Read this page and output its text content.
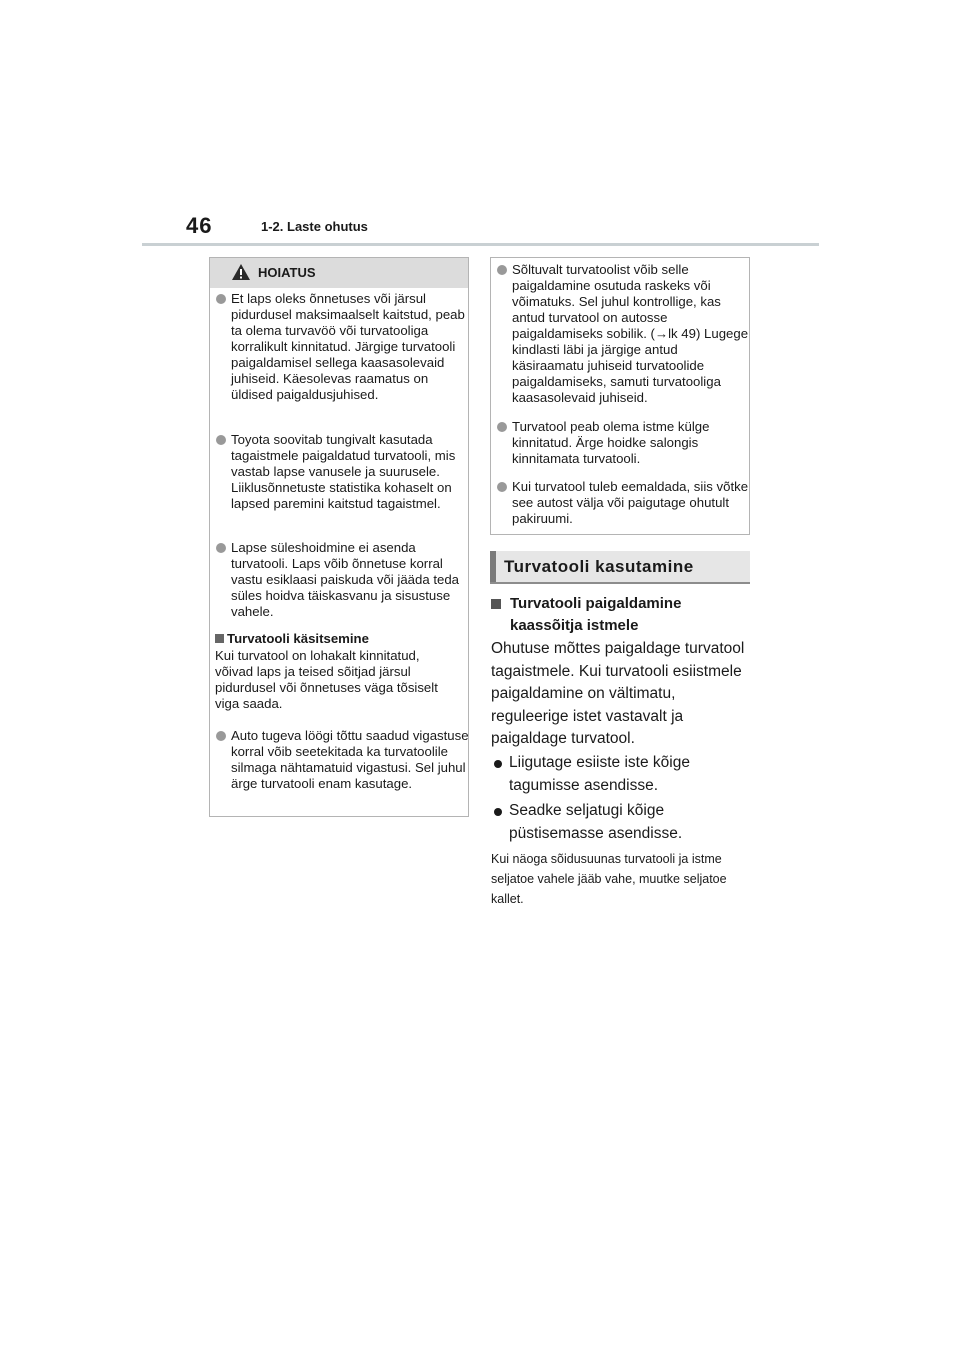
46	1-2. Laste ohutus
HOIATUS
Et laps oleks õnnetuses või järsul pidurdusel maksimaalselt kaitstud, peab ta olema turvavöö või turvatooliga korralikult kinnitatud. Järgige turvatooli paigaldamisel sellega kaasasolevaid juhiseid. Käesolevas raamatus on üldised paigaldusjuhised.
Toyota soovitab tungivalt kasutada tagaistmele paigaldatud turvatooli, mis vastab lapse vanusele ja suurusele. Liiklusõnnetuste statistika kohaselt on lapsed paremini kaitstud tagaistmel.
Lapse süleshoidmine ei asenda turvatooli. Laps võib õnnetuse korral vastu esiklaasi paiskuda või jääda teda süles hoidva täiskasvanu ja sisustuse vahele.
Turvatooli käsitsemine
Kui turvatool on lohakalt kinnitatud, võivad laps ja teised sõitjad järsul pidurdusel või õnnetuses väga tõsiselt viga saada.
Auto tugeva löögi tõttu saadud vigastuse korral võib seetekitada ka turvatoolile silmaga nähtamatuid vigastusi. Sel juhul ärge turvatooli enam kasutage.
Sõltuvalt turvatoolist võib selle paigaldamine osutuda raskeks või võimatuks. Sel juhul kontrollige, kas antud turvatool on autosse paigaldamiseks sobilik. (→lk 49) Lugege kindlasti läbi ja järgige antud käsiraamatu juhiseid turvatoolide paigaldamiseks, samuti turvatooliga kaasasolevaid juhiseid.
Turvatool peab olema istme külge kinnitatud. Ärge hoidke salongis kinnitamata turvatooli.
Kui turvatool tuleb eemaldada, siis võtke see autost välja või paigutage ohutult pakiruumi.
Turvatooli kasutamine
Turvatooli paigaldamine kaassõitja istmele
Ohutuse mõttes paigaldage turvatool tagaistmele. Kui turvatooli esiistmele paigaldamine on vältimatu, reguleerige istet vastavalt ja paigaldage turvatool.
Liigutage esiiste iste kõige tagumisse asendisse.
Seadke seljatugi kõige püstisemasse asendisse.
Kui näoga sõidusuunas turvatooli ja istme seljatoe vahele jääb vahe, muutke seljatoe kallet.
